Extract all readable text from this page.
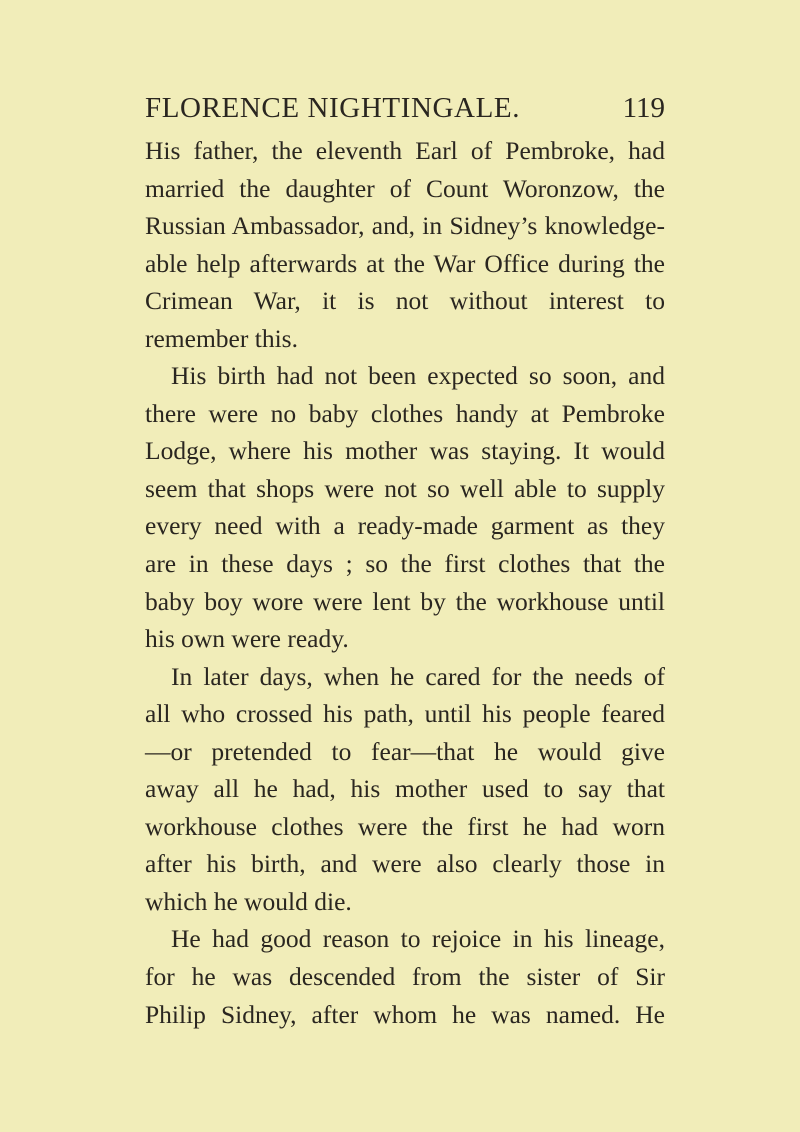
FLORENCE NIGHTINGALE.	119
His father, the eleventh Earl of Pembroke, had
married the daughter of Count Woronzow, the
Russian Ambassador, and, in Sidney’s knowledge-
able help afterwards at the War Office during the
Crimean War, it is not without interest to
remember this.
His birth had not been expected so soon, and
there were no baby clothes handy at Pembroke
Lodge, where his mother was staying. It would
seem that shops were not so well able to supply
every need with a ready-made garment as they
are in these days ; so the first clothes that the
baby boy wore were lent by the workhouse until
his own were ready.
In later days, when he cared for the needs of
all who crossed his path, until his people feared
—or pretended to fear—that he would give
away all he had, his mother used to say that
workhouse clothes were the first he had worn
after his birth, and were also clearly those in
which he would die.
He had good reason to rejoice in his lineage,
for he was descended from the sister of Sir
Philip Sidney, after whom he was named. He
